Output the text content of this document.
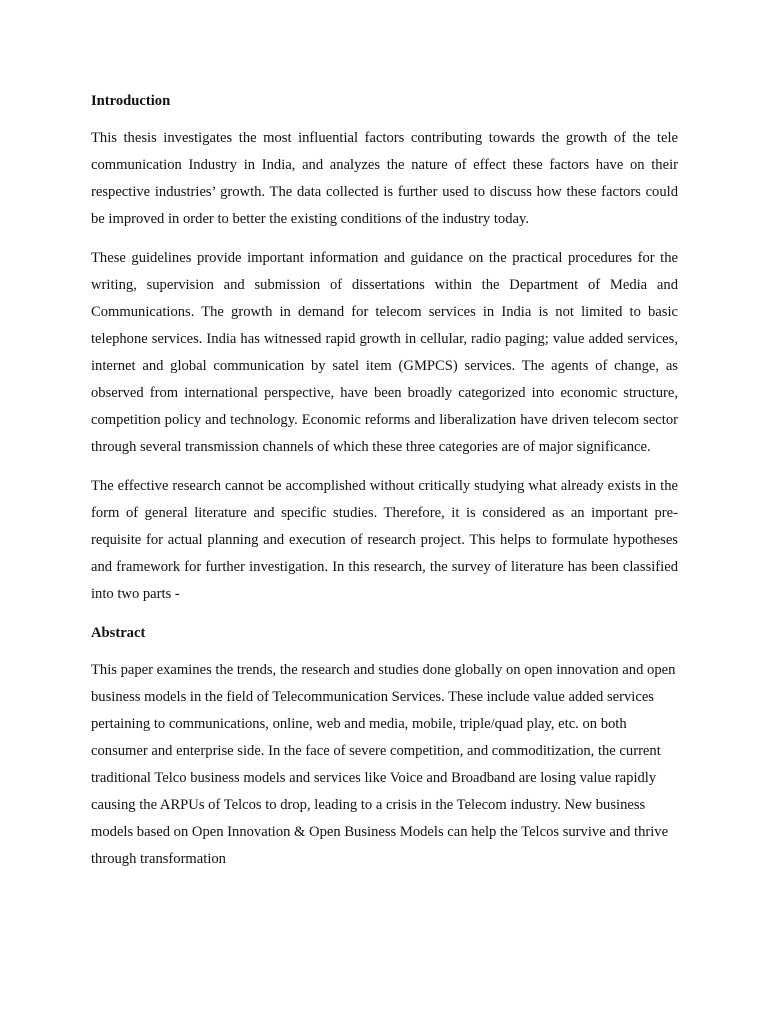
Introduction

This thesis investigates the most influential factors contributing towards the growth of the tele communication Industry in India, and analyzes the nature of effect these factors have on their respective industries’ growth. The data collected is further used to discuss how these factors could be improved in order to better the existing conditions of the industry today.

These guidelines provide important information and guidance on the practical procedures for the writing, supervision and submission of dissertations within the Department of Media and Communications. The growth in demand for telecom services in India is not limited to basic telephone services. India has witnessed rapid growth in cellular, radio paging; value added services, internet and global communication by satel item (GMPCS) services. The agents of change, as observed from international perspective, have been broadly categorized into economic structure, competition policy and technology. Economic reforms and liberalization have driven telecom sector through several transmission channels of which these three categories are of major significance.

The effective research cannot be accomplished without critically studying what already exists in the form of general literature and specific studies. Therefore, it is considered as an important pre-requisite for actual planning and execution of research project. This helps to formulate hypotheses and framework for further investigation. In this research, the survey of literature has been classified into two parts -

Abstract

This paper examines the trends, the research and studies done globally on open innovation and open business models in the field of Telecommunication Services. These include value added services pertaining to communications, online, web and media, mobile, triple/quad play, etc. on both consumer and enterprise side. In the face of severe competition, and commoditization, the current traditional Telco business models and services like Voice and Broadband are losing value rapidly causing the ARPUs of Telcos to drop, leading to a crisis in the Telecom industry. New business models based on Open Innovation & Open Business Models can help the Telcos survive and thrive through transformation
